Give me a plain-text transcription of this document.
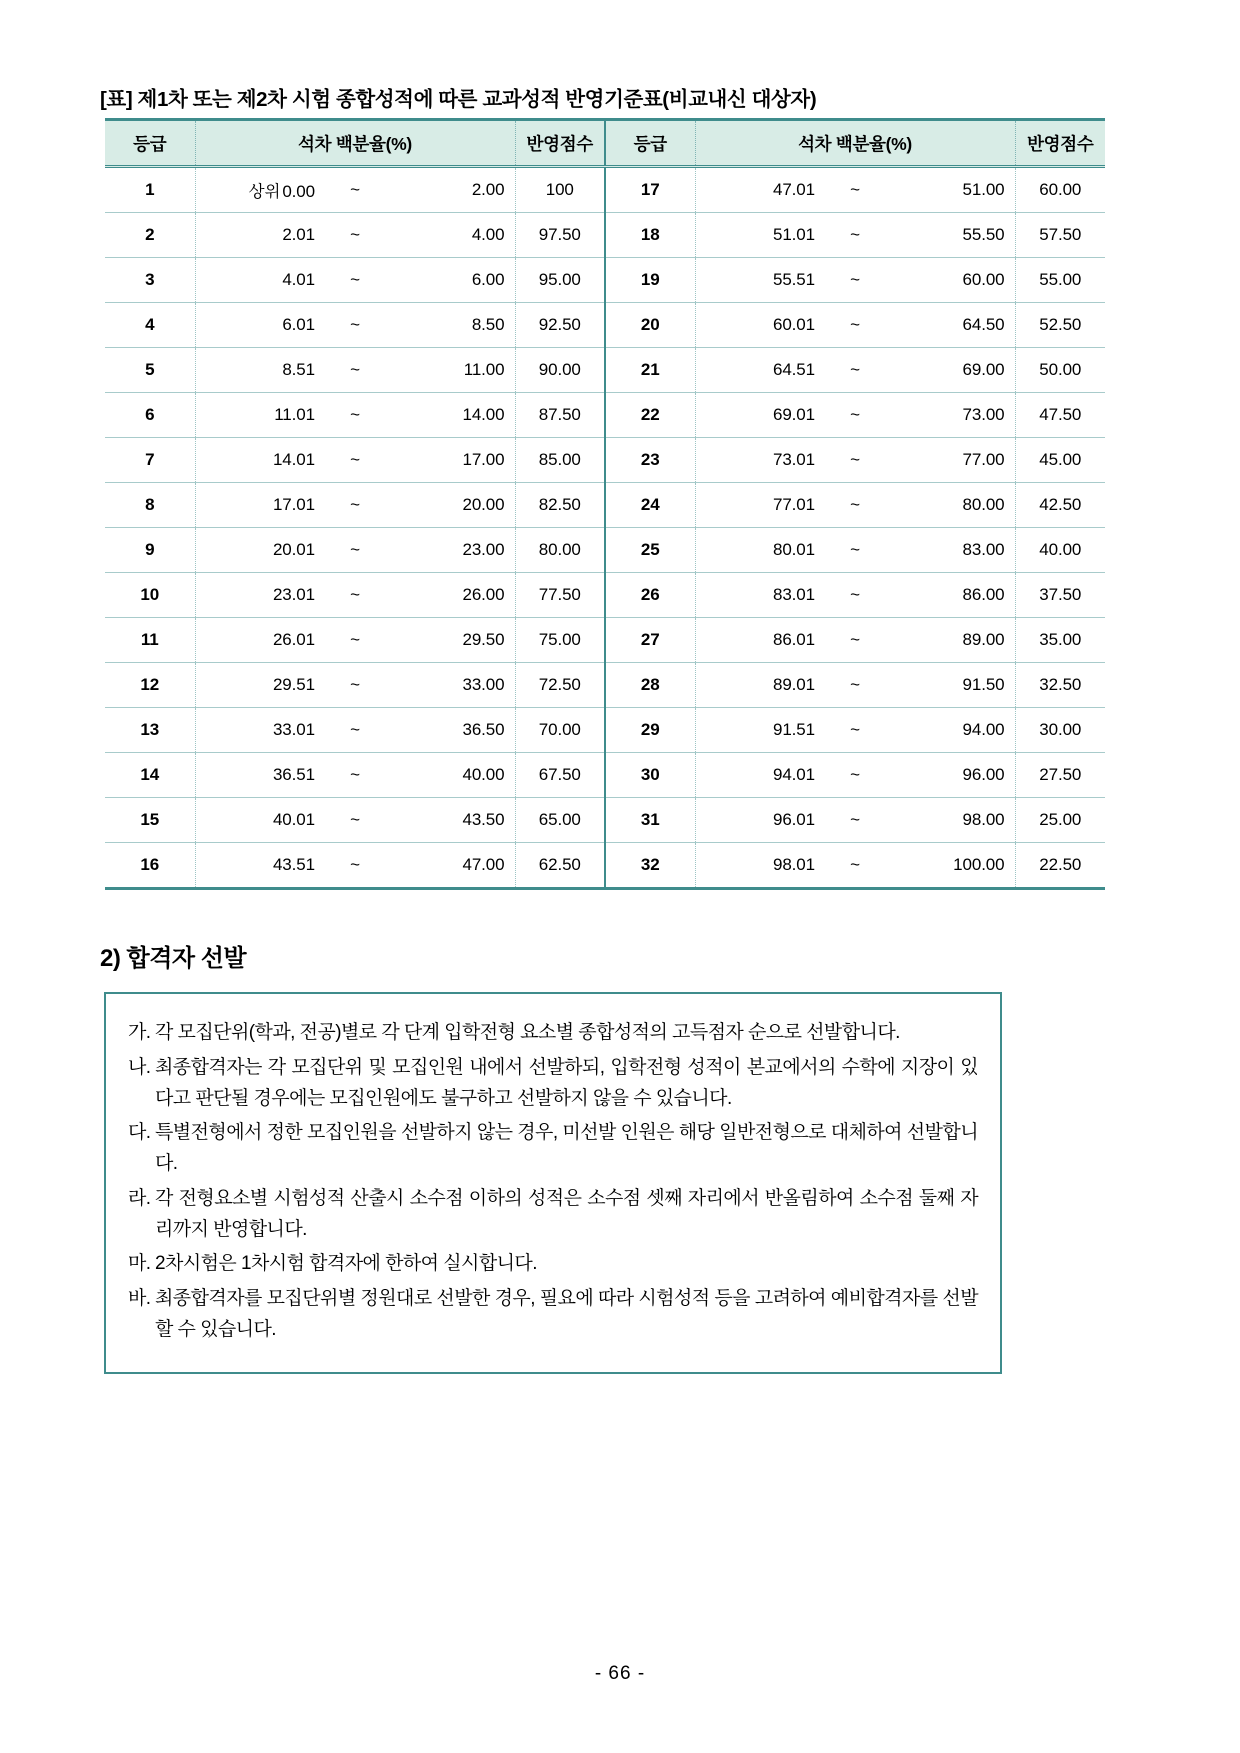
[표] 제1차 또는 제2차 시험 종합성적에 따른 교과성적 반영기준표(비교내신 대상자)
등급	석차 백분율(%)			반영점수	등급	석차 백분율(%)			반영점수
1	상위 0.00	~	2.00	100	17	47.01	~	51.00	60.00
2	2.01	~	4.00	97.50	18	51.01	~	55.50	57.50
3	4.01	~	6.00	95.00	19	55.51	~	60.00	55.00
4	6.01	~	8.50	92.50	20	60.01	~	64.50	52.50
5	8.51	~	11.00	90.00	21	64.51	~	69.00	50.00
6	11.01	~	14.00	87.50	22	69.01	~	73.00	47.50
7	14.01	~	17.00	85.00	23	73.01	~	77.00	45.00
8	17.01	~	20.00	82.50	24	77.01	~	80.00	42.50
9	20.01	~	23.00	80.00	25	80.01	~	83.00	40.00
10	23.01	~	26.00	77.50	26	83.01	~	86.00	37.50
11	26.01	~	29.50	75.00	27	86.01	~	89.00	35.00
12	29.51	~	33.00	72.50	28	89.01	~	91.50	32.50
13	33.01	~	36.50	70.00	29	91.51	~	94.00	30.00
14	36.51	~	40.00	67.50	30	94.01	~	96.00	27.50
15	40.01	~	43.50	65.00	31	96.01	~	98.00	25.00
16	43.51	~	47.00	62.50	32	98.01	~	100.00	22.50
2) 합격자 선발
가. 각 모집단위(학과, 전공)별로 각 단계 입학전형 요소별 종합성적의 고득점자 순으로 선발합니다.
나. 최종합격자는 각 모집단위 및 모집인원 내에서 선발하되, 입학전형 성적이 본교에서의 수학에 지장이 있다고 판단될 경우에는 모집인원에도 불구하고 선발하지 않을 수 있습니다.
다. 특별전형에서 정한 모집인원을 선발하지 않는 경우, 미선발 인원은 해당 일반전형으로 대체하여 선발합니다.
라. 각 전형요소별 시험성적 산출시 소수점 이하의 성적은 소수점 셋째 자리에서 반올림하여 소수점 둘째 자리까지 반영합니다.
마. 2차시험은 1차시험 합격자에 한하여 실시합니다.
바. 최종합격자를 모집단위별 정원대로 선발한 경우, 필요에 따라 시험성적 등을 고려하여 예비합격자를 선발할 수 있습니다.
- 66 -
